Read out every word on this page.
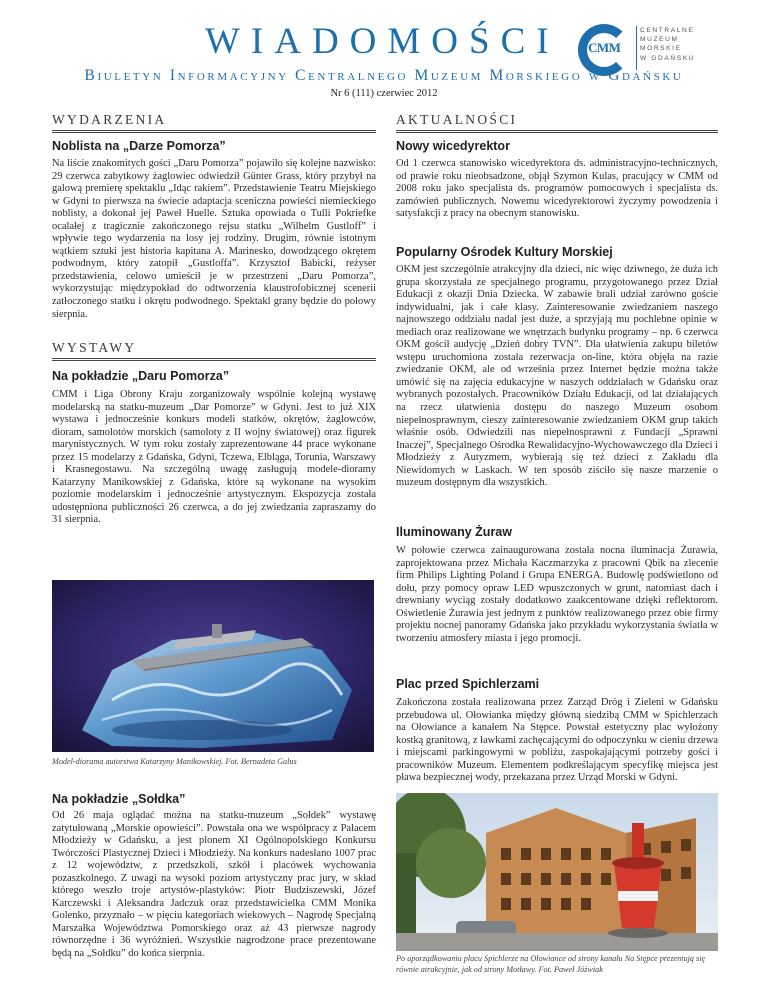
WIADOMOŚCI CMM
CENTRALNE
MUZEUM
MORSKIE
W GDAŃSKU
Biuletyn Informacyjny Centralnego Muzeum Morskiego w Gdańsku
Nr 6 (111) czerwiec 2012
WYDARZENIA
Noblista na „Darze Pomorza”
Na liście znakomitych gości „Daru Pomorza” pojawiło się kolejne nazwisko: 29 czerwca zabytkowy żaglowiec odwiedził Günter Grass, który przybył na galową premierę spektaklu „Idąc rakiem”. Przedstawienie Teatru Miejskiego w Gdyni to pierwsza na świecie adaptacja sceniczna powieści niemieckiego noblisty, a dokonał jej Paweł Huelle. Sztuka opowiada o Tulli Pokriefke ocalałej z tragicznie zakończonego rejsu statku „Wilhelm Gustloff” i wpływie tego wydarzenia na losy jej rodziny. Drugim, równie istotnym wątkiem sztuki jest historia kapitana A. Marinesko, dowodzącego okrętem podwodnym, który zatopił „Gustloffa”. Krzysztof Babicki, reżyser przedstawienia, celowo umieścił je w przestrzeni „Daru Pomorza”, wykorzystując międzypokład do odtworzenia klaustrofobicznej scenerii zatłoczonego statku i okrętu podwodnego. Spektakl grany będzie do połowy sierpnia.
WYSTAWY
Na pokładzie „Daru Pomorza”
CMM i Liga Obrony Kraju zorganizowały wspólnie kolejną wystawę modelarską na statku-muzeum „Dar Pomorze” w Gdyni. Jest to już XIX wystawa i jednocześnie konkurs modeli statków, okrętów, żaglowców, dioram, samolotów morskich (samoloty z II wojny światowej) oraz figurek marynistycznych. W tym roku zostały zaprezentowane 44 prace wykonane przez 15 modelarzy z Gdańska, Gdyni, Tczewa, Elbląga, Torunia, Warszawy i Krasnegostawu. Na szczególną uwagę zasługują modele-dioramy Katarzyny Manikowskiej z Gdańska, które są wykonane na wysokim poziomie modelarskim i jednocześnie artystycznym. Ekspozycja została udostępniona publiczności 26 czerwca, a do jej zwiedzania zapraszamy do 31 sierpnia.
Model-diorama autorstwa Katarzyny Manikowskiej. Fot. Bernadeta Galus
Na pokładzie „Sołdka”
Od 26 maja oglądać można na statku-muzeum „Sołdek” wystawę zatytułowaną „Morskie opowieści”. Powstała ona we współpracy z Pałacem Młodzieży w Gdańsku, a jest plonem XI Ogólnopolskiego Konkursu Twórczości Plastycznej Dzieci i Młodzieży. Na konkurs nadesłano 1007 prac z 12 województw, z przedszkoli, szkół i placówek wychowania pozaszkolnego. Z uwagi na wysoki poziom artystyczny prac jury, w skład którego weszło troje artystów-plastyków: Piotr Budziszewski, Józef Karczewski i Aleksandra Jadczuk oraz przedstawicielka CMM Monika Golenko, przyznało – w pięciu kategoriach wiekowych – Nagrodę Specjalną Marszałka Województwa Pomorskiego oraz aż 43 pierwsze nagrody równorzędne i 36 wyróżnień. Wszystkie nagrodzone prace prezentowane będą na „Sołdku” do końca sierpnia.
AKTUALNOŚCI
Nowy wicedyrektor
Od 1 czerwca stanowisko wicedyrektora ds. administracyjno-technicznych, od prawie roku nieobsadzone, objął Szymon Kulas, pracujący w CMM od 2008 roku jako specjalista ds. programów pomocowych i specjalista ds. zamówień publicznych. Nowemu wicedyrektorowi życzymy powodzenia i satysfakcji z pracy na obecnym stanowisku.
Popularny Ośrodek Kultury Morskiej
OKM jest szczególnie atrakcyjny dla dzieci, nic więc dziwnego, że duża ich grupa skorzystała ze specjalnego programu, przygotowanego przez Dział Edukacji z okazji Dnia Dziecka. W zabawie brali udział zarówno goście indywidualni, jak i całe klasy. Zainteresowanie zwiedzaniem naszego najnowszego oddziału nadal jest duże, a sprzyjają mu pochlebne opinie w mediach oraz realizowane we wnętrzach budynku programy – np. 6 czerwca OKM gościł audycję „Dzień dobry TVN”. Dla ułatwienia zakupu biletów wstępu uruchomiona została rezerwacja on-line, która objęła na razie zwiedzanie OKM, ale od września przez Internet będzie można także umówić się na zajęcia edukacyjne w naszych oddziałach w Gdańsku oraz wybranych pozostałych. Pracowników Działu Edukacji, od lat działających na rzecz ułatwienia dostępu do naszego Muzeum osobom niepełnosprawnym, cieszy zainteresowanie zwiedzaniem OKM grup takich właśnie osób. Odwiedzili nas niepełnosprawni z Fundacji „Sprawni Inaczej”, Specjalnego Ośrodka Rewalidacyjno-Wychowawczego dla Dzieci i Młodzieży z Autyzmem, wybierają się też dzieci z Zakładu dla Niewidomych w Laskach. W ten sposób ziściło się nasze marzenie o muzeum dostępnym dla wszystkich.
Iluminowany Żuraw
W połowie czerwca zainaugurowana została nocna iluminacja Żurawia, zaprojektowana przez Michała Kaczmarzyka z pracowni Qbik na zlecenie firm Philips Lighting Poland i Grupa ENERGA. Budowlę podświetlono od dołu, przy pomocy opraw LED wpuszczonych w grunt, natomiast dach i drewniany wyciąg zostały dodatkowo zaakcentowane dzięki reflektorom. Oświetlenie Żurawia jest jednym z punktów realizowanego przez obie firmy projektu nocnej panoramy Gdańska jako przykładu wykorzystania światła w tworzeniu atmosfery miasta i jego promocji.
Plac przed Spichlerzami
Zakończona została realizowana przez Zarząd Dróg i Zieleni w Gdańsku przebudowa ul. Ołowianka między główną siedzibą CMM w Spichlerzach na Ołowiance a kanałem Na Stępce. Powstał estetyczny plac wyłożony kostką granitową, z ławkami zachęcającymi do odpoczynku w cieniu drzewa i miejscami parkingowymi w pobliżu, zaspokajającymi potrzeby gości i pracowników Muzeum. Elementem podkreślającym specyfikę miejsca jest pława bezpiecznej wody, przekazana przez Urząd Morski w Gdyni.
Po uporządkowaniu placu Spichlerze na Ołowiance od strony kanału Na Stępce prezentują się równie atrakcyjnie, jak od strony Motławy. Fot. Paweł Jóźwiak
